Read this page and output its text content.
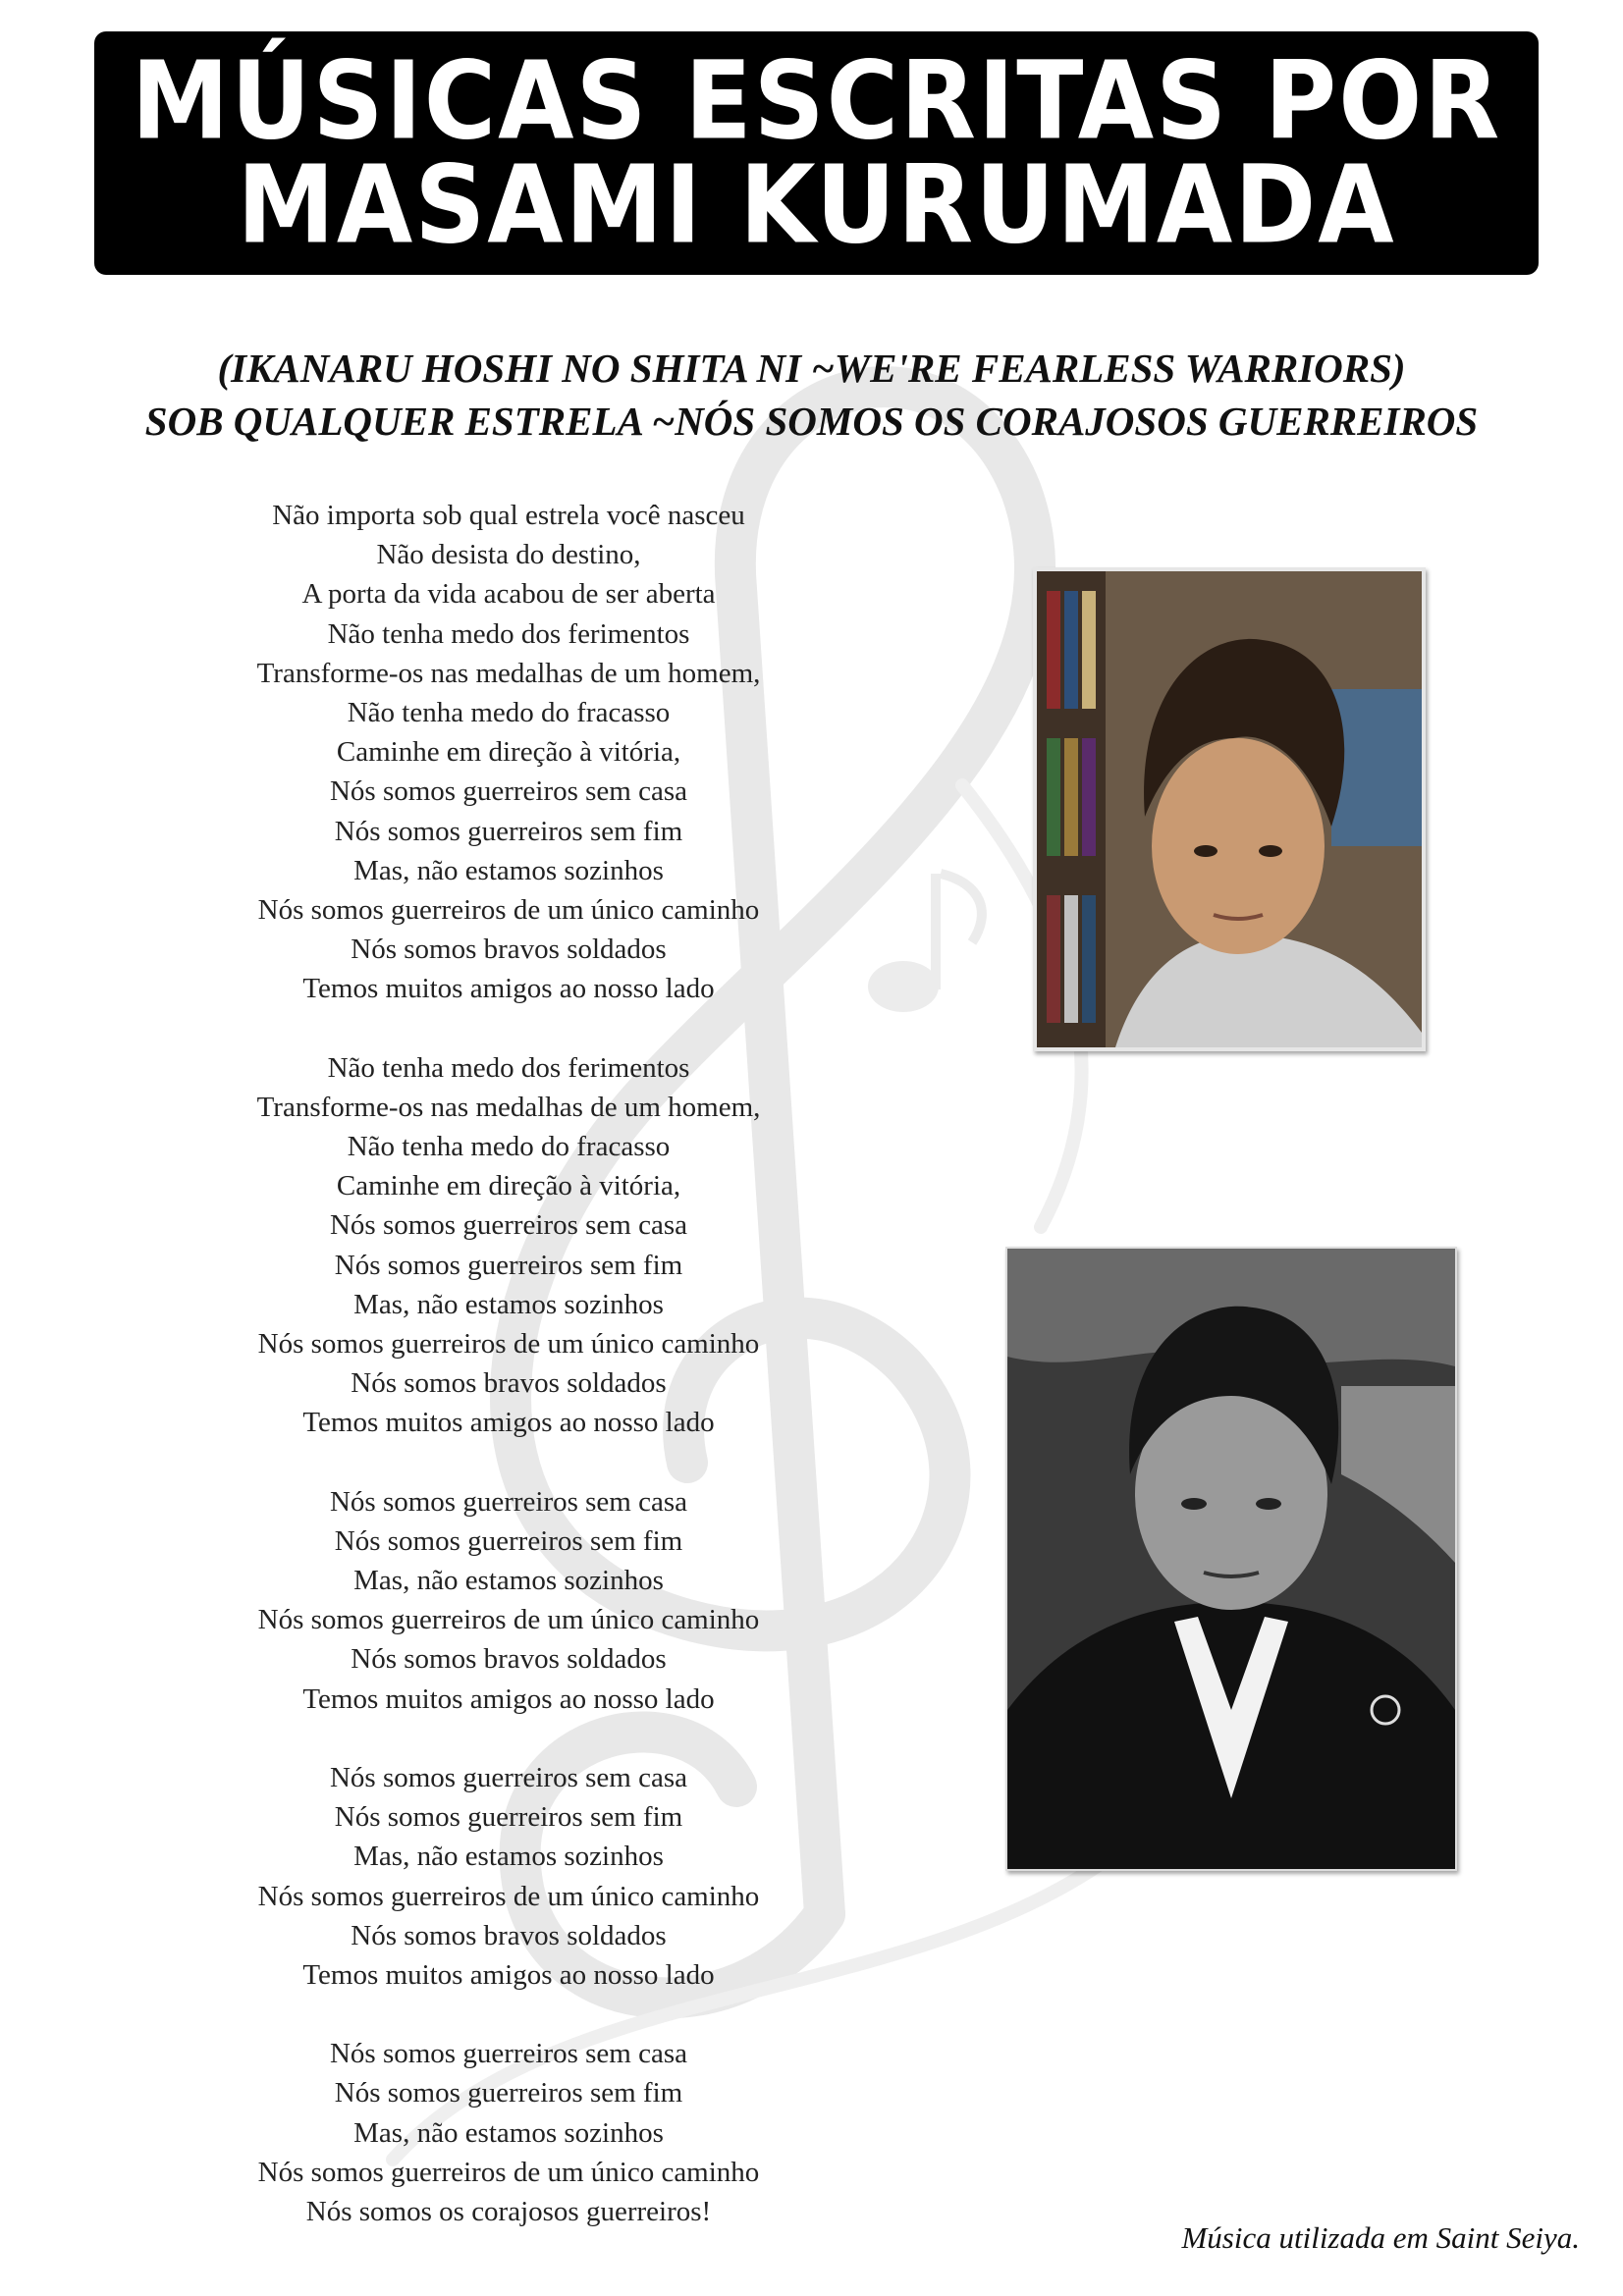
MÚSICAS ESCRITAS POR
MASAMI KURUMADA
(IKANARU HOSHI NO SHITA NI ~WE'RE FEARLESS WARRIORS)
SOB QUALQUER ESTRELA ~NÓS SOMOS OS CORAJOSOS GUERREIROS
Não importa sob qual estrela você nasceu
Não desista do destino,
A porta da vida acabou de ser aberta
Não tenha medo dos ferimentos
Transforme-os nas medalhas de um homem,
Não tenha medo do fracasso
Caminhe em direção à vitória,
Nós somos guerreiros sem casa
Nós somos guerreiros sem fim
Mas, não estamos sozinhos
Nós somos guerreiros de um único caminho
Nós somos bravos soldados
Temos muitos amigos ao nosso lado
Não tenha medo dos ferimentos
Transforme-os nas medalhas de um homem,
Não tenha medo do fracasso
Caminhe em direção à vitória,
Nós somos guerreiros sem casa
Nós somos guerreiros sem fim
Mas, não estamos sozinhos
Nós somos guerreiros de um único caminho
Nós somos bravos soldados
Temos muitos amigos ao nosso lado
Nós somos guerreiros sem casa
Nós somos guerreiros sem fim
Mas, não estamos sozinhos
Nós somos guerreiros de um único caminho
Nós somos bravos soldados
Temos muitos amigos ao nosso lado
Nós somos guerreiros sem casa
Nós somos guerreiros sem fim
Mas, não estamos sozinhos
Nós somos guerreiros de um único caminho
Nós somos bravos soldados
Temos muitos amigos ao nosso lado
Nós somos guerreiros sem casa
Nós somos guerreiros sem fim
Mas, não estamos sozinhos
Nós somos guerreiros de um único caminho
Nós somos os corajosos guerreiros!
Música utilizada em Saint Seiya.
